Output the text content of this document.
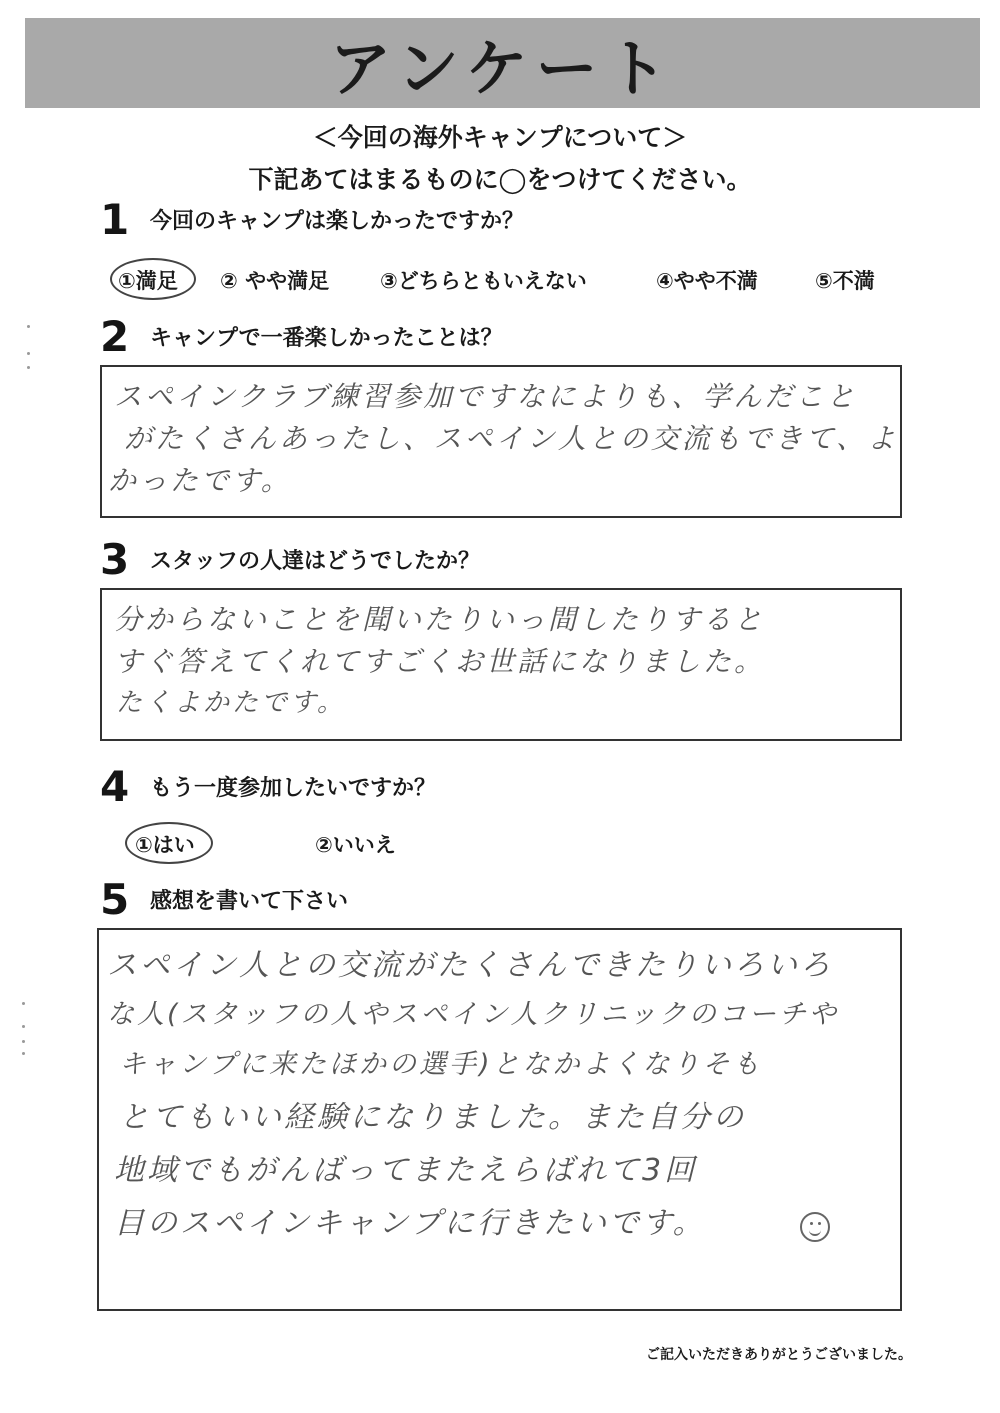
アンケート
＜今回の海外キャンプについて＞
下記あてはまるものに◯をつけてください。
1 今回のキャンプは楽しかったですか？
①満足 ② やや満足 ③どちらともいえない	④やや不満	⑤不満
2 キャンプで一番楽しかったことは？

スペインクラブ練習参加ですなによりも、学んだこと

がたくさんあったし、スペイン人との交流もできて、よ

かったです。

3 スタッフの人達はどうでしたか？

分からないことを聞いたりいっ間したりすると

すぐ答えてくれてすごくお世話になりました。

たくよかたです。

4 もう一度参加したいですか？
①はい	②いいえ
5 感想を書いて下さい

スペイン人との交流がたくさんできたりいろいろ

な人(スタッフの人やスペイン人クリニックのコーチや

キャンプに来たほかの選手)となかよくなりそも

とてもいい経験になりました。また自分の

地域でもがんばってまたえらばれて3回

目のスペインキャンプに行きたいです。

ご記入いただきありがとうございました。
